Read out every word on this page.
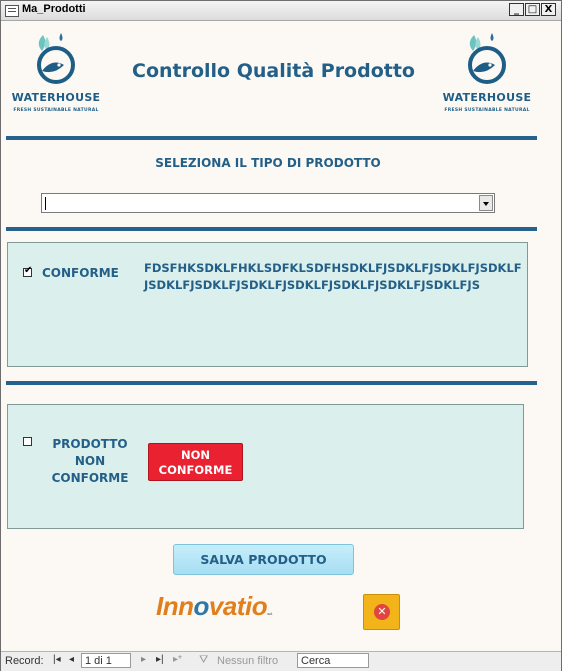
Ma_Prodotti	_ □ X
WATERHOUSE
FRESH SUSTAINABLE NATURAL
Controllo Qualità Prodotto
WATERHOUSE
FRESH SUSTAINABLE NATURAL
SELEZIONA IL TIPO DI PRODOTTO
✔ CONFORME FDSFHKSDKLFHKLSDFKLSDFHSDKLFJSDKLFJSDKLFJSDKLFJSDKLFJSDKLFJSDKLFJSDKLFJSDKLFJSDKLFJSDKLFJS
PRODOTTO
NON
CONFORME
NON
CONFORME
SALVA PRODOTTO
Innovatios.r.l.	✕
Record: |◂ ◂ 1 di 1	▸ ▸| ▸* ⛛ Nessun filtro	Cerca
